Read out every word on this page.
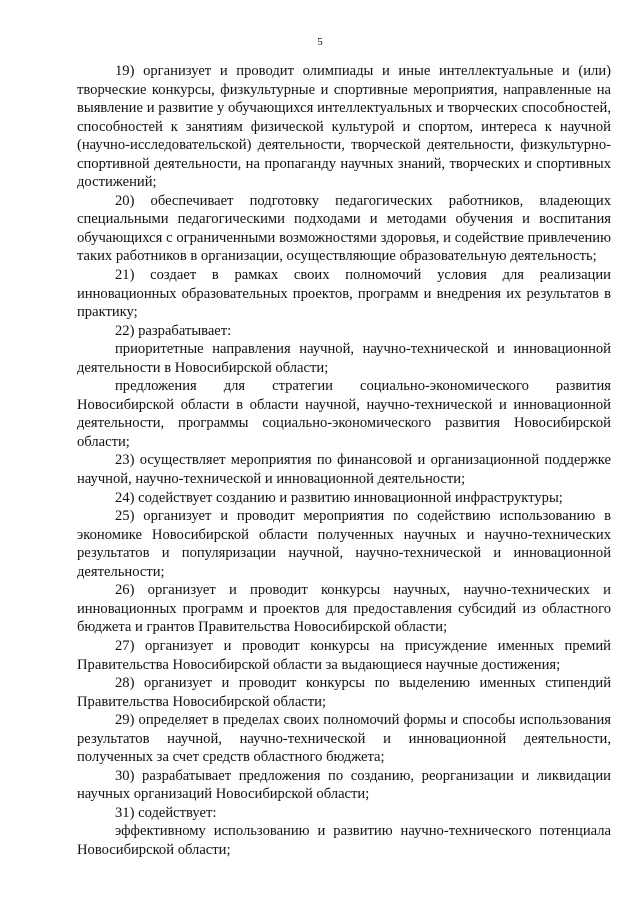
5

19) организует и проводит олимпиады и иные интеллектуальные и (или) творческие конкурсы, физкультурные и спортивные мероприятия, направленные на выявление и развитие у обучающихся интеллектуальных и творческих способностей, способностей к занятиям физической культурой и спортом, интереса к научной (научно-исследовательской) деятельности, творческой деятельности, физкультурно-спортивной деятельности, на пропаганду научных знаний, творческих и спортивных достижений;

20) обеспечивает подготовку педагогических работников, владеющих специальными педагогическими подходами и методами обучения и воспитания обучающихся с ограниченными возможностями здоровья, и содействие привлечению таких работников в организации, осуществляющие образовательную деятельность;

21) создает в рамках своих полномочий условия для реализации инновационных образовательных проектов, программ и внедрения их результатов в практику;

22) разрабатывает:

приоритетные направления научной, научно-технической и инновационной деятельности в Новосибирской области;

предложения для стратегии социально-экономического развития Новосибирской области в области научной, научно-технической и инновационной деятельности, программы социально-экономического развития Новосибирской области;

23) осуществляет мероприятия по финансовой и организационной поддержке научной, научно-технической и инновационной деятельности;

24) содействует созданию и развитию инновационной инфраструктуры;

25) организует и проводит мероприятия по содействию использованию в экономике Новосибирской области полученных научных и научно-технических результатов и популяризации научной, научно-технической и инновационной деятельности;

26) организует и проводит конкурсы научных, научно-технических и инновационных программ и проектов для предоставления субсидий из областного бюджета и грантов Правительства Новосибирской области;

27) организует и проводит конкурсы на присуждение именных премий Правительства Новосибирской области за выдающиеся научные достижения;

28) организует и проводит конкурсы по выделению именных стипендий Правительства Новосибирской области;

29) определяет в пределах своих полномочий формы и способы использования результатов научной, научно-технической и инновационной деятельности, полученных за счет средств областного бюджета;

30) разрабатывает предложения по созданию, реорганизации и ликвидации научных организаций Новосибирской области;

31) содействует:

эффективному использованию и развитию научно-технического потенциала Новосибирской области;
